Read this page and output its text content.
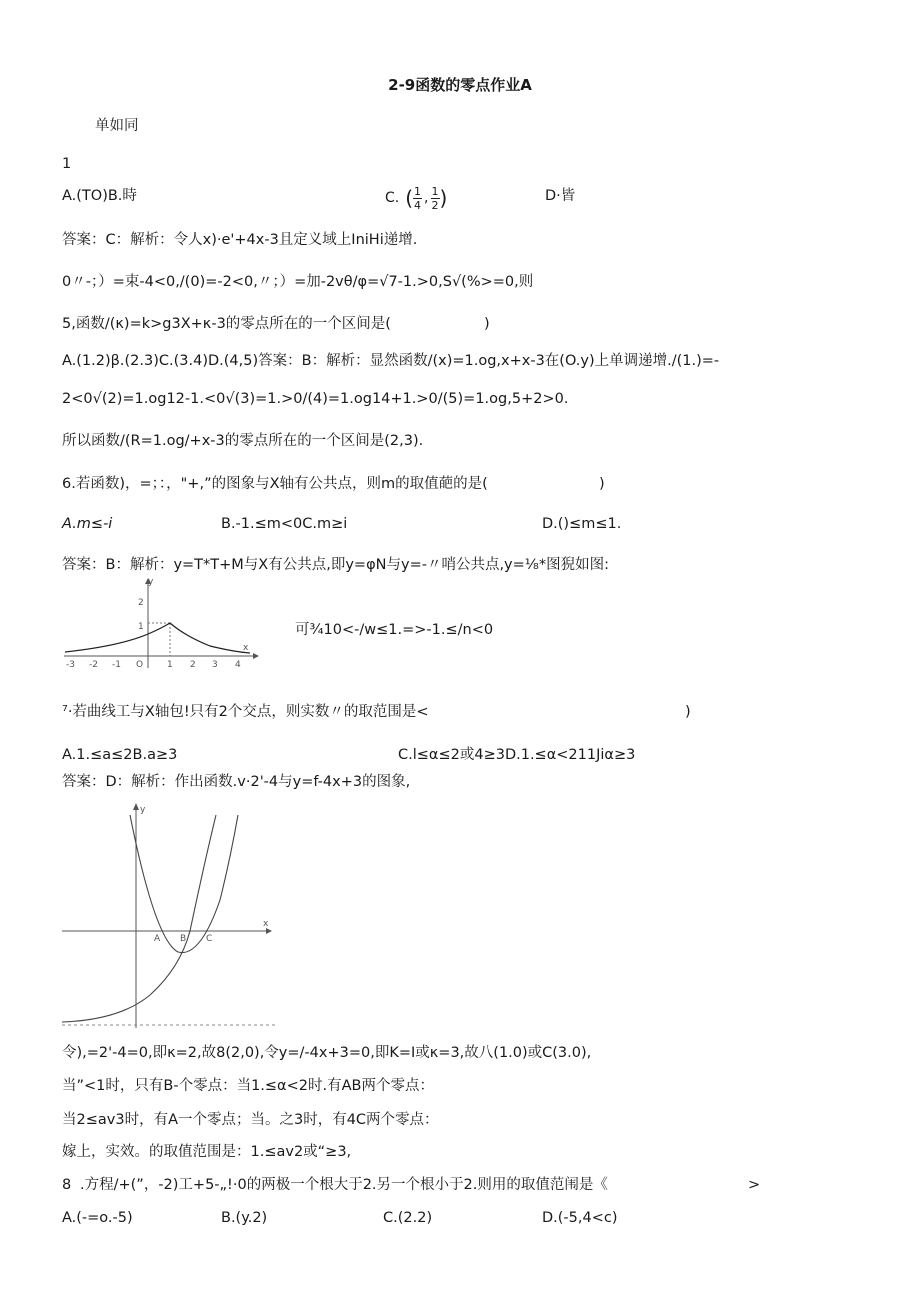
2-9函数的零点作业A
单如同
1
A.(TO)B.時	C. ( 1
4 , 1
2 )	D·皆
答案：C：解析：令人x)·e'+4x-3且定义域上IniHi递增.
0〃-；）=束-4<0,/(0)=-2<0,〃；）=加-2vθ/φ=√7-1.>0,S√(%>=0,则
5,函数/(κ)=k>g3X+κ-3的零点所在的一个区间是(	)
A.(1.2)β.(2.3)C.(3.4)D.(4,5)答案：B：解析：显然函数/(x)=1.og,x+x-3在(O.y)上单调递增./(1.)=-
2<0√(2)=1.og12-1.<0√(3)=1.>0/(4)=1.og14+1.>0/(5)=1.og,5+2>0.
所以函数/(R=1.og/+x-3的零点所在的一个区间是(2,3).
6.若函数)，=；：，"+,”的图象与X轴有公共点，则m的取值葩的是(	)
A.m≤-i	B.-1.≤m<0C.m≥i	D.()≤m≤1.
答案：B：解析：y=T*T+M与X有公共点,即y=φN与y=-〃哨公共点,y=⅛*图猊如图:
y
x
2
1
O
-3 -2 -1	1 2 3 4
可¾10<-/w≤1.=>-1.≤/n<0
⁷·若曲线工与X轴包!只有2个交点，则实数〃的取范围是<	)
A.1.≤a≤2B.a≥3	C.l≤α≤2或4≥3D.1.≤α<211Jiα≥3
答案：D：解析：作出函数.v·2'-4与y=f-4x+3的图象,
y
x
A B C
令),=2'-4=0,即κ=2,故8(2,0),令y=/-4x+3=0,即K=I或κ=3,故八(1.0)或C(3.0),
当”<1时，只有B-个零点：当1.≤α<2时.有AB两个零点：
当2≤av3时，有A一个零点；当。之3时，有4C两个零点：
嫁上，实效。的取值范围是：1.≤av2或“≥3,
8 .方程/+(”，-2)工+5-„!·0的两极一个根大于2.另一个根小于2.则用的取值范闱是《	>
A.(-=o.-5)	B.(y.2)	C.(2.2)	D.(-5,4<c)
